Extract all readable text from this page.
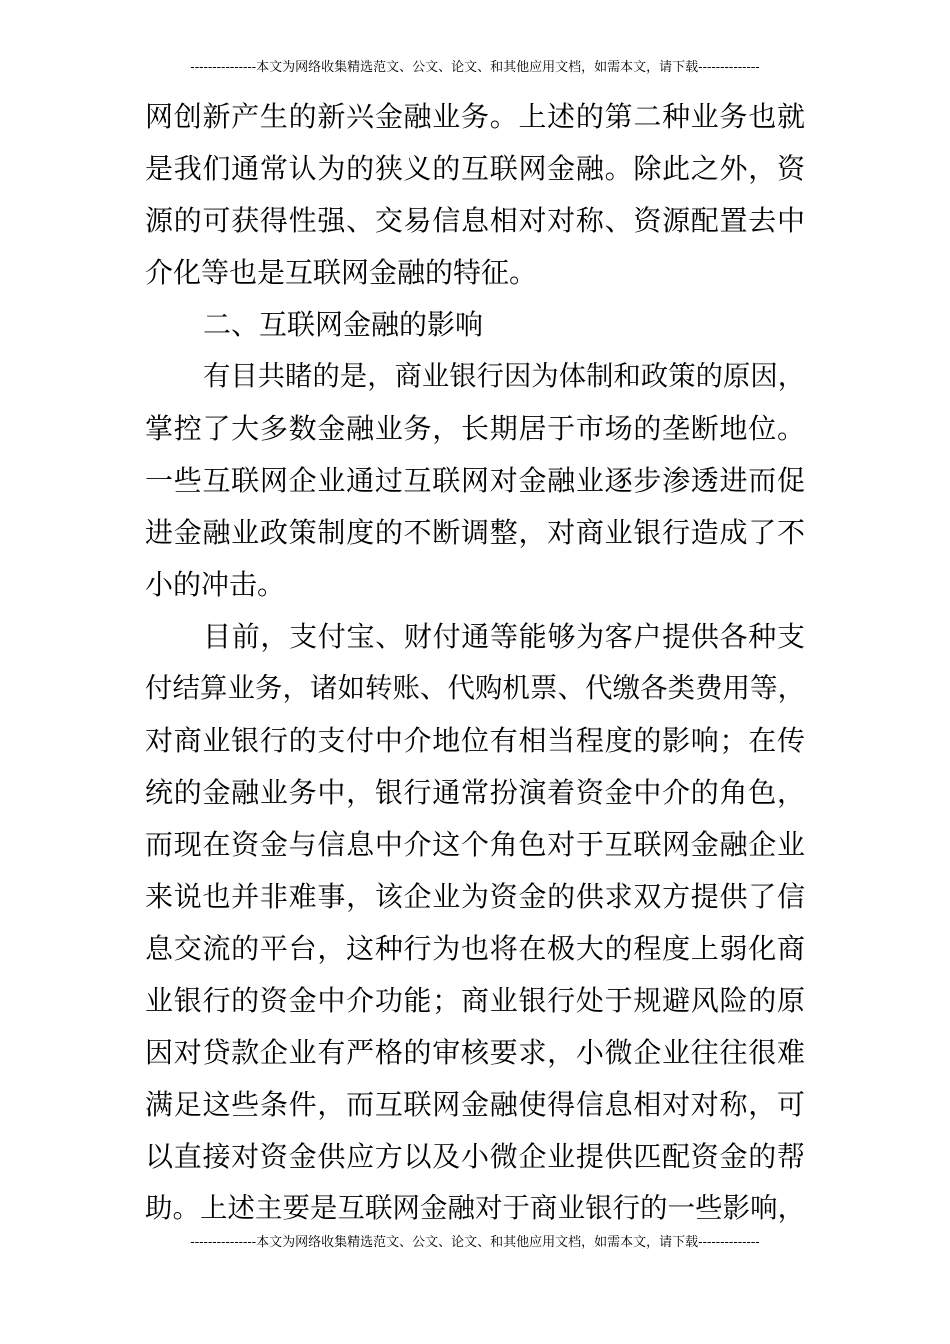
---------------本文为网络收集精选范文、公文、论文、和其他应用文档，如需本文，请下载--------------
网创新产生的新兴金融业务。上述的第二种业务也就
是我们通常认为的狭义的互联网金融。除此之外，资
源的可获得性强、交易信息相对对称、资源配置去中
介化等也是互联网金融的特征。
二、互联网金融的影响
有目共睹的是，商业银行因为体制和政策的原因，
掌控了大多数金融业务，长期居于市场的垄断地位。
一些互联网企业通过互联网对金融业逐步渗透进而促
进金融业政策制度的不断调整，对商业银行造成了不
小的冲击。
目前，支付宝、财付通等能够为客户提供各种支
付结算业务，诸如转账、代购机票、代缴各类费用等，
对商业银行的支付中介地位有相当程度的影响；在传
统的金融业务中，银行通常扮演着资金中介的角色，
而现在资金与信息中介这个角色对于互联网金融企业
来说也并非难事，该企业为资金的供求双方提供了信
息交流的平台，这种行为也将在极大的程度上弱化商
业银行的资金中介功能；商业银行处于规避风险的原
因对贷款企业有严格的审核要求，小微企业往往很难
满足这些条件，而互联网金融使得信息相对对称，可
以直接对资金供应方以及小微企业提供匹配资金的帮
助。上述主要是互联网金融对于商业银行的一些影响，
---------------本文为网络收集精选范文、公文、论文、和其他应用文档，如需本文，请下载--------------
